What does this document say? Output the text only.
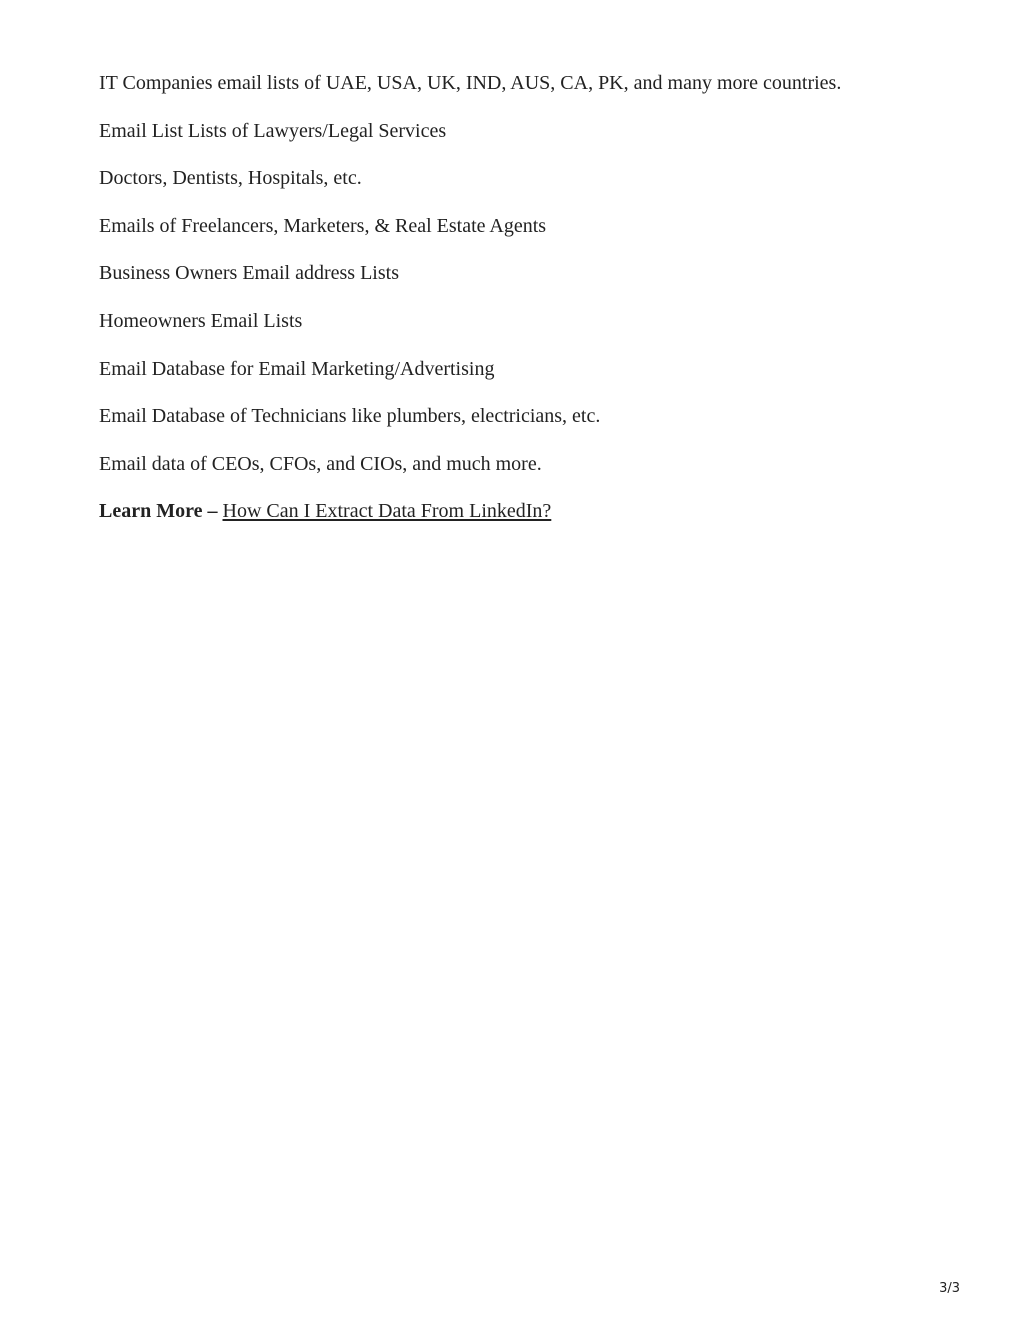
IT Companies email lists of UAE, USA, UK, IND, AUS, CA, PK, and many more countries.

Email List Lists of Lawyers/Legal Services

Doctors, Dentists, Hospitals, etc.

Emails of Freelancers, Marketers, & Real Estate Agents

Business Owners Email address Lists

Homeowners Email Lists

Email Database for Email Marketing/Advertising

Email Database of Technicians like plumbers, electricians, etc.

Email data of CEOs, CFOs, and CIOs, and much more.

Learn More – How Can I Extract Data From LinkedIn?

3/3
